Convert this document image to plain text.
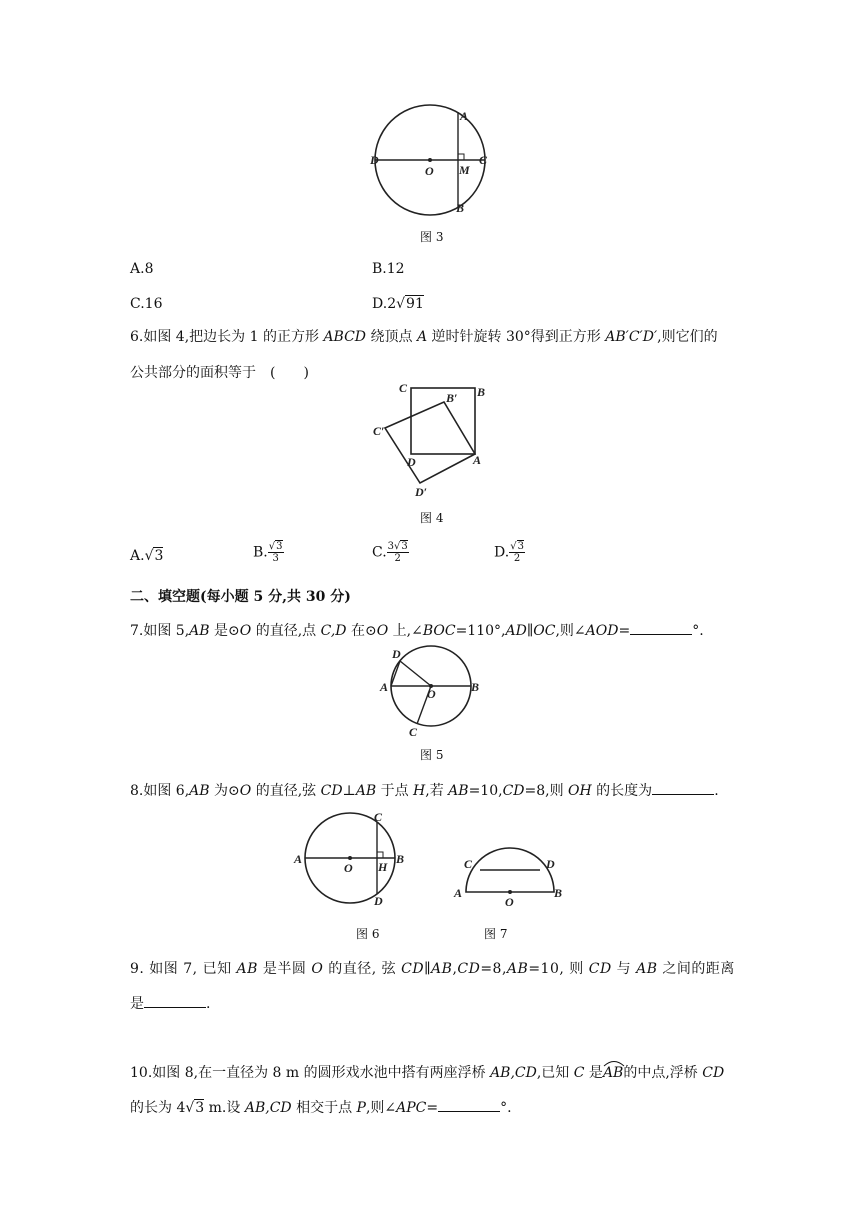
A
B
C
D
O M
图 3
A.8	B.12
C.16	D.2√91
6.如图 4,把边长为 1 的正方形 ABCD 绕顶点 A 逆时针旋转 30°得到正方形 AB′C′D′,则它们的
公共部分的面积等于　(　　)
C	B
B′
C′
D	A
D′
图 4
A.√3	B. $\frac{√3}{3}$	C. $\frac{3√3}{2}$	D. $\frac{√3}{2}$
二、填空题(每小题 5 分,共 30 分)
7.如图 5,AB 是⊙O 的直径,点 C,D 在⊙O 上,∠BOC=110°,AD∥OC,则∠AOD=	°.
D
A	B
O
C
图 5
8.如图 6,AB 为⊙O 的直径,弦 CD⊥AB 于点 H,若 AB=10,CD=8,则 OH 的长度为	.
C
A	B
O H
D
图 6
C	D
A	B
O
图 7
9. 如图 7, 已知 AB 是半圆 O 的直径, 弦 CD∥AB,CD=8,AB=10, 则 CD 与 AB 之间的距离
是	.
10.如图 8,在一直径为 8 m 的圆形戏水池中搭有两座浮桥 AB,CD,已知 C 是
AB的中点,浮桥 CD
的长为 4√3 m.设 AB,CD 相交于点 P,则∠APC=	°.
